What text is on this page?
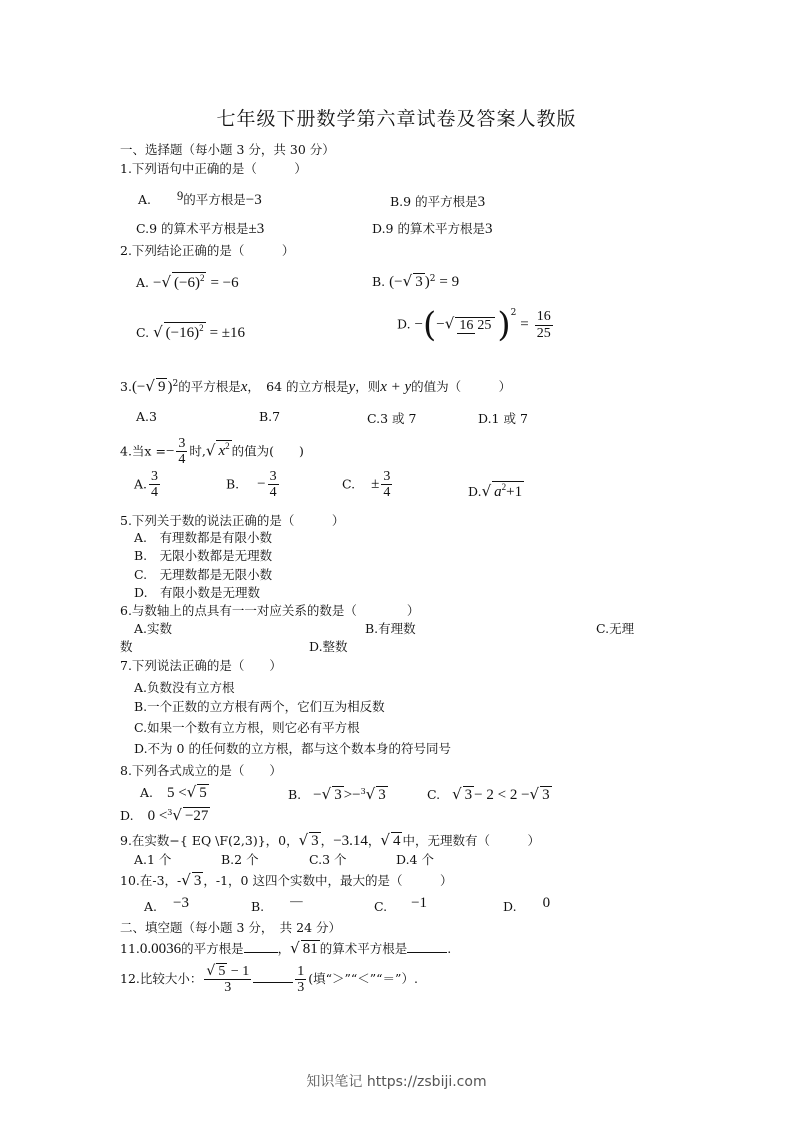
七年级下册数学第六章试卷及答案人教版
一、选择题（每小题 3 分，共 30 分）
1.下列语句中正确的是（　　　）
A. 9的平方根是−3	B.9 的平方根是3
C.9 的算术平方根是±3	D.9 的算术平方根是3
2.下列结论正确的是（　　　）
A. −√ $(-6)^2 = -6$	B. (−√ 3 )$^2$ = 9
C. √ $(-16)^2 = \pm 16$
D. −(−√ 16 25 )$^2 = \frac{16}{25}$
3.(−√ 9 )$^2$的平方根是x，　64 的立方根是y，则x + y的值为（　　　）
A.3	B.7	C.3 或 7	D.1 或 7
4.当$x =- \frac{3}{4}$ 时,√ $x^2$ 的值为(　　)
A. $\frac{3}{4}$	B. − $\frac{3}{4}$	C. ± $\frac{3}{4}$	D.√ $a^2+1$
5.下列关于数的说法正确的是（　　　）
A.　有理数都是有限小数
B.　无限小数都是无理数
C.　无理数都是无限小数
D.　有限小数是无理数
6.与数轴上的点具有一一对应关系的数是（　　　　）
A.实数	B.有理数	C.无理
数	D.整数
7.下列说法正确的是（　　）
A.负数没有立方根
B.一个正数的立方根有两个，它们互为相反数
C.如果一个数有立方根，则它必有平方根
D.不为 0 的任何数的立方根，都与这个数本身的符号同号
8.下列各式成立的是（　　）
A. 5 <√ 5	B. −√ 3 >−$^3$√ 3	C. √ 3 − 2 < 2 −√ 3
D. 0 <$^3$√ −27
9.在实数−{ EQ \F(2,3)}，0，√ 3 ，−3.14，√ 4 中，无理数有（　　　）
A.1 个	B.2 个	C.3 个	D.4 个
10.在-3，-√ 3 ，-1，0 这四个实数中，最大的是（　　　）
A. −3	B. —	C. −1	D. 0
二、填空题（每小题 3 分，　共 24 分）
11.0.0036的平方根是	，√ 81 的算术平方根是	.
12.比较大小： $\frac{√ 5 - 1}{3}$	$\frac{1}{3}$ (填“＞”“＜”“＝”）.
知识笔记 https://zsbiji.com
